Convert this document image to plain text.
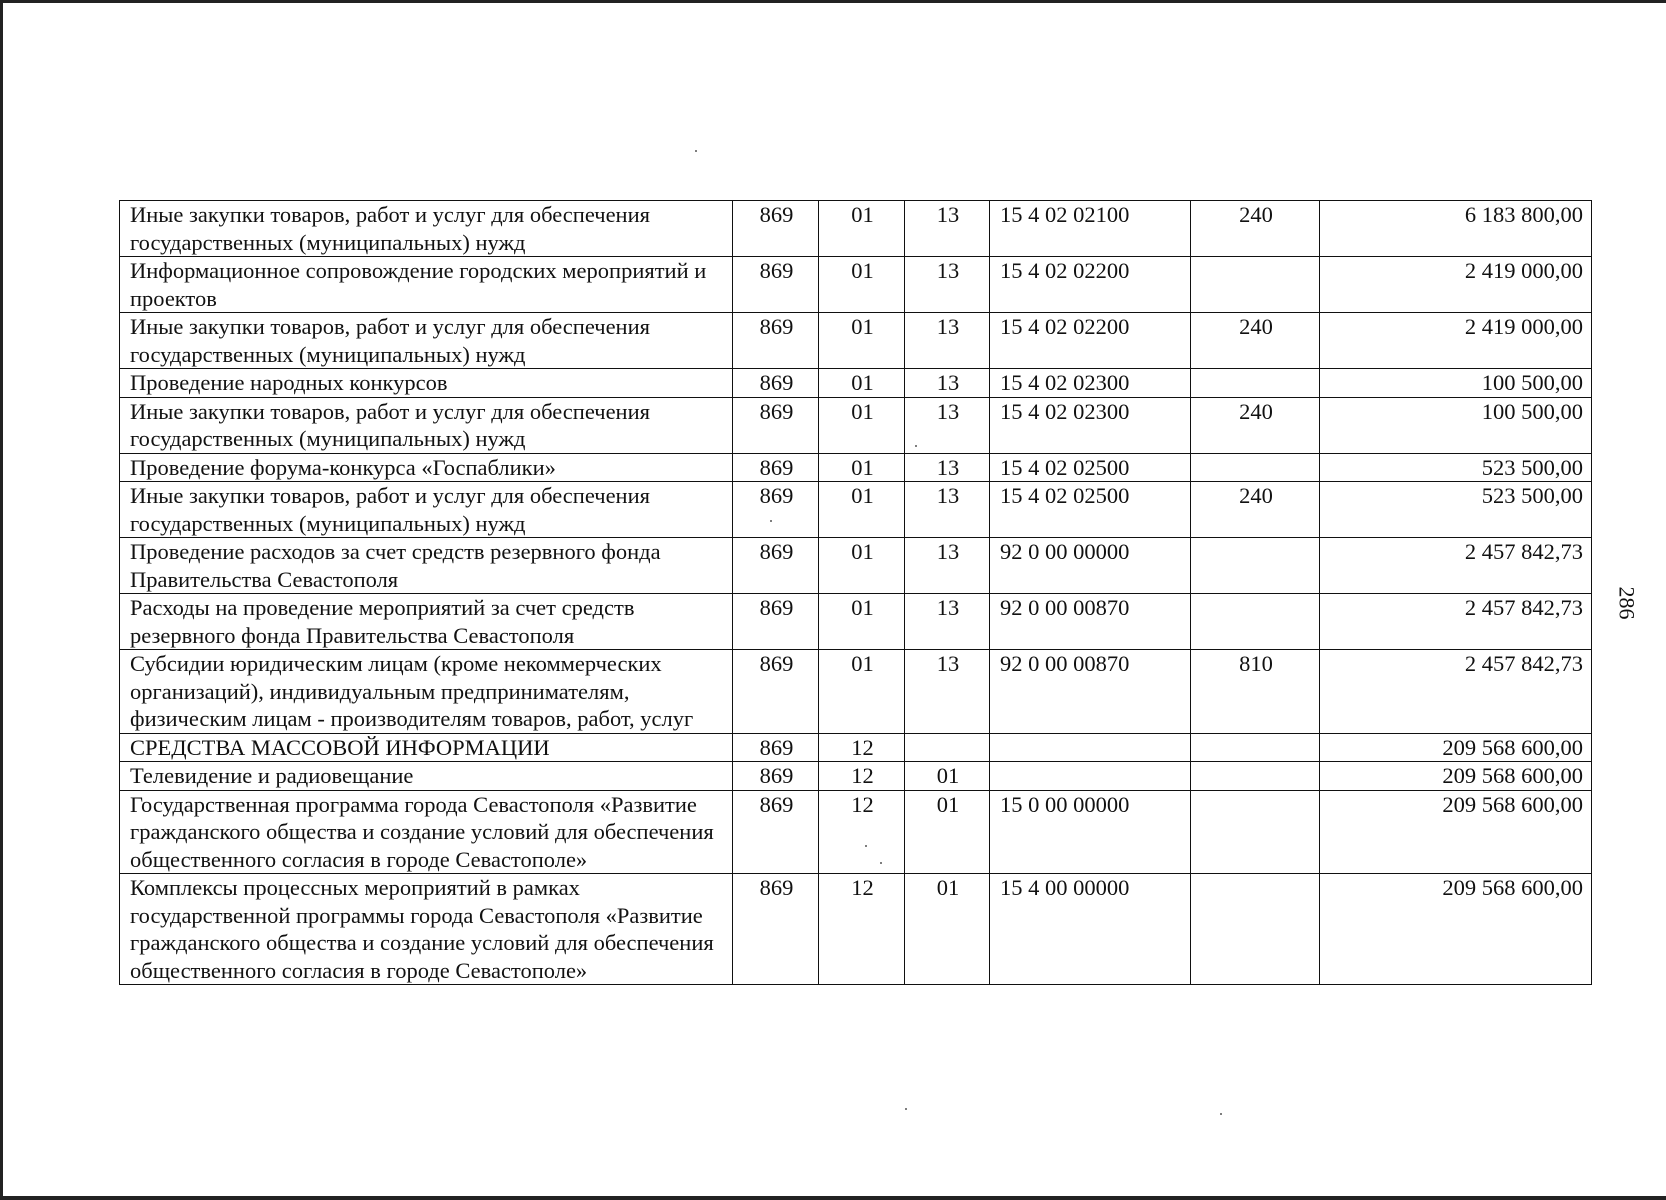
286
Иные закупки товаров, работ и услуг для обеспечения государственных (муниципальных) нужд	869	01	13	15 4 02 02100	240	6 183 800,00
Информационное сопровождение городских мероприятий и проектов	869	01	13	15 4 02 02200		2 419 000,00
Иные закупки товаров, работ и услуг для обеспечения государственных (муниципальных) нужд	869	01	13	15 4 02 02200	240	2 419 000,00
Проведение народных конкурсов	869	01	13	15 4 02 02300		100 500,00
Иные закупки товаров, работ и услуг для обеспечения государственных (муниципальных) нужд	869	01	13	15 4 02 02300	240	100 500,00
Проведение форума-конкурса «Госпаблики»	869	01	13	15 4 02 02500		523 500,00
Иные закупки товаров, работ и услуг для обеспечения государственных (муниципальных) нужд	869	01	13	15 4 02 02500	240	523 500,00
Проведение расходов за счет средств резервного фонда Правительства Севастополя	869	01	13	92 0 00 00000		2 457 842,73
Расходы на проведение мероприятий за счет средств резервного фонда Правительства Севастополя	869	01	13	92 0 00 00870		2 457 842,73
Субсидии юридическим лицам (кроме некоммерческих организаций), индивидуальным предпринимателям, физическим лицам - производителям товаров, работ, услуг	869	01	13	92 0 00 00870	810	2 457 842,73
СРЕДСТВА МАССОВОЙ ИНФОРМАЦИИ	869	12				209 568 600,00
Телевидение и радиовещание	869	12	01			209 568 600,00
Государственная программа города Севастополя «Развитие гражданского общества и создание условий для обеспечения общественного согласия в городе Севастополе»	869	12	01	15 0 00 00000		209 568 600,00
Комплексы процессных мероприятий в рамках государственной программы города Севастополя «Развитие гражданского общества и создание условий для обеспечения общественного согласия в городе Севастополе»	869	12	01	15 4 00 00000		209 568 600,00
